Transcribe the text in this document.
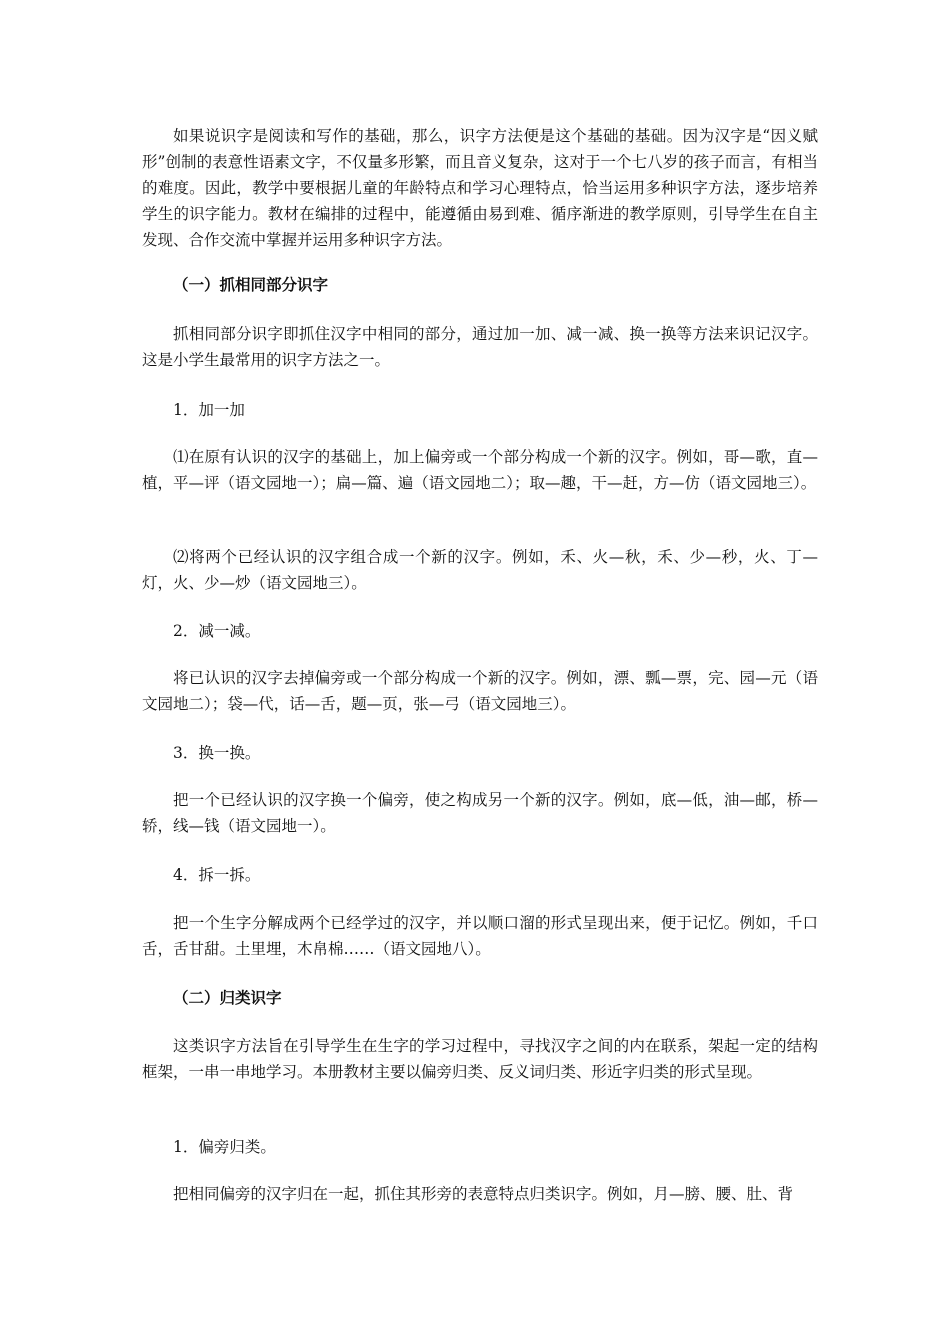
如果说识字是阅读和写作的基础，那么，识字方法便是这个基础的基础。因为汉字是“因义赋形”创制的表意性语素文字，不仅量多形繁，而且音义复杂，这对于一个七八岁的孩子而言，有相当的难度。因此，教学中要根据儿童的年龄特点和学习心理特点，恰当运用多种识字方法，逐步培养学生的识字能力。教材在编排的过程中，能遵循由易到难、循序渐进的教学原则，引导学生在自主发现、合作交流中掌握并运用多种识字方法。

（一）抓相同部分识字

抓相同部分识字即抓住汉字中相同的部分，通过加一加、减一减、换一换等方法来识记汉字。这是小学生最常用的识字方法之一。

1．加一加

⑴在原有认识的汉字的基础上，加上偏旁或一个部分构成一个新的汉字。例如，哥—歌，直—植，平—评（语文园地一）；扁—篇、遍（语文园地二）；取—趣，干—赶，方—仿（语文园地三）。

⑵将两个已经认识的汉字组合成一个新的汉字。例如，禾、火—秋，禾、少—秒，火、丁—灯，火、少—炒（语文园地三）。

2．减一减。

将已认识的汉字去掉偏旁或一个部分构成一个新的汉字。例如，漂、瓢—票，完、园—元（语文园地二）；袋—代，话—舌，题—页，张—弓（语文园地三）。

3．换一换。

把一个已经认识的汉字换一个偏旁，使之构成另一个新的汉字。例如，底—低，油—邮，桥—轿，线—钱（语文园地一）。

4．拆一拆。

把一个生字分解成两个已经学过的汉字，并以顺口溜的形式呈现出来，便于记忆。例如，千口舌，舌甘甜。土里埋，木帛棉……（语文园地八）。

（二）归类识字

这类识字方法旨在引导学生在生字的学习过程中，寻找汉字之间的内在联系，架起一定的结构框架，一串一串地学习。本册教材主要以偏旁归类、反义词归类、形近字归类的形式呈现。

1．偏旁归类。

把相同偏旁的汉字归在一起，抓住其形旁的表意特点归类识字。例如，月—膀、腰、肚、背
